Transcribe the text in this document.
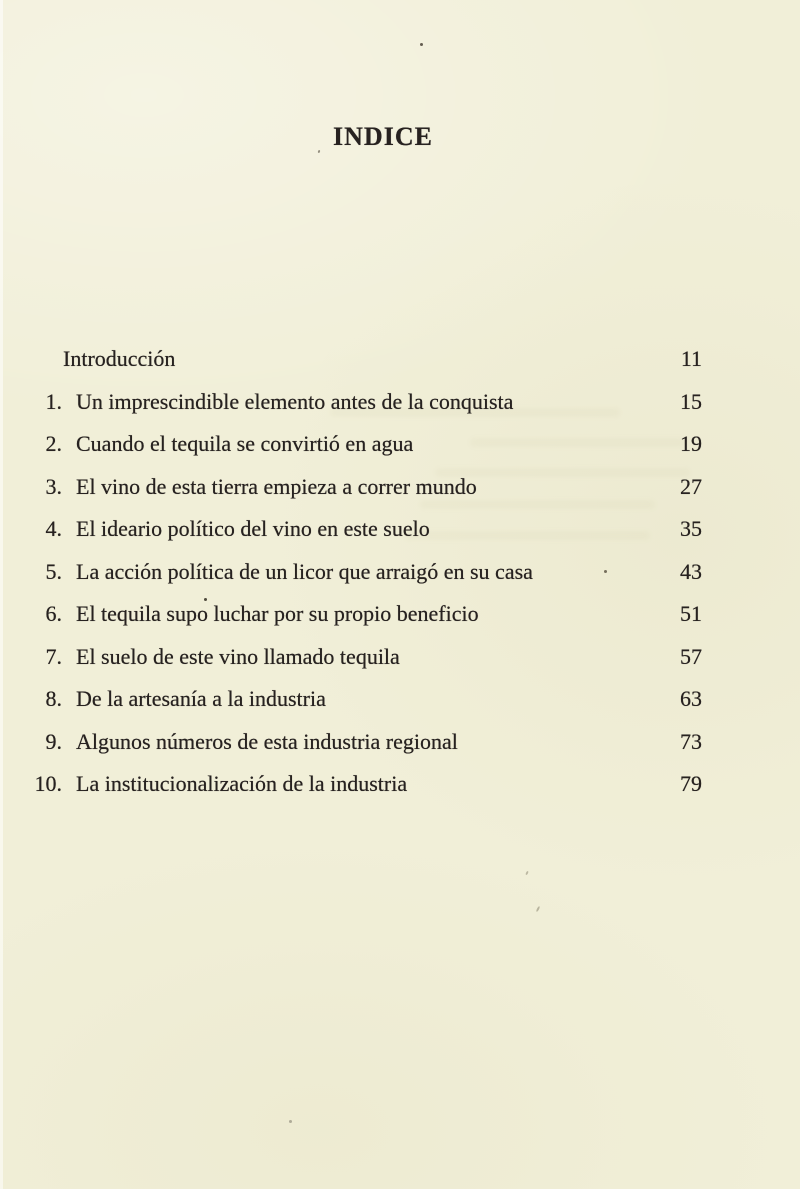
INDICE
Introducción	11
1. Un imprescindible elemento antes de la conquista	15
2. Cuando el tequila se convirtió en agua	19
3. El vino de esta tierra empieza a correr mundo	27
4. El ideario político del vino en este suelo	35
5. La acción política de un licor que arraigó en su casa	43
6. El tequila supo luchar por su propio beneficio	51
7. El suelo de este vino llamado tequila	57
8. De la artesanía a la industria	63
9. Algunos números de esta industria regional	73
10. La institucionalización de la industria	79
